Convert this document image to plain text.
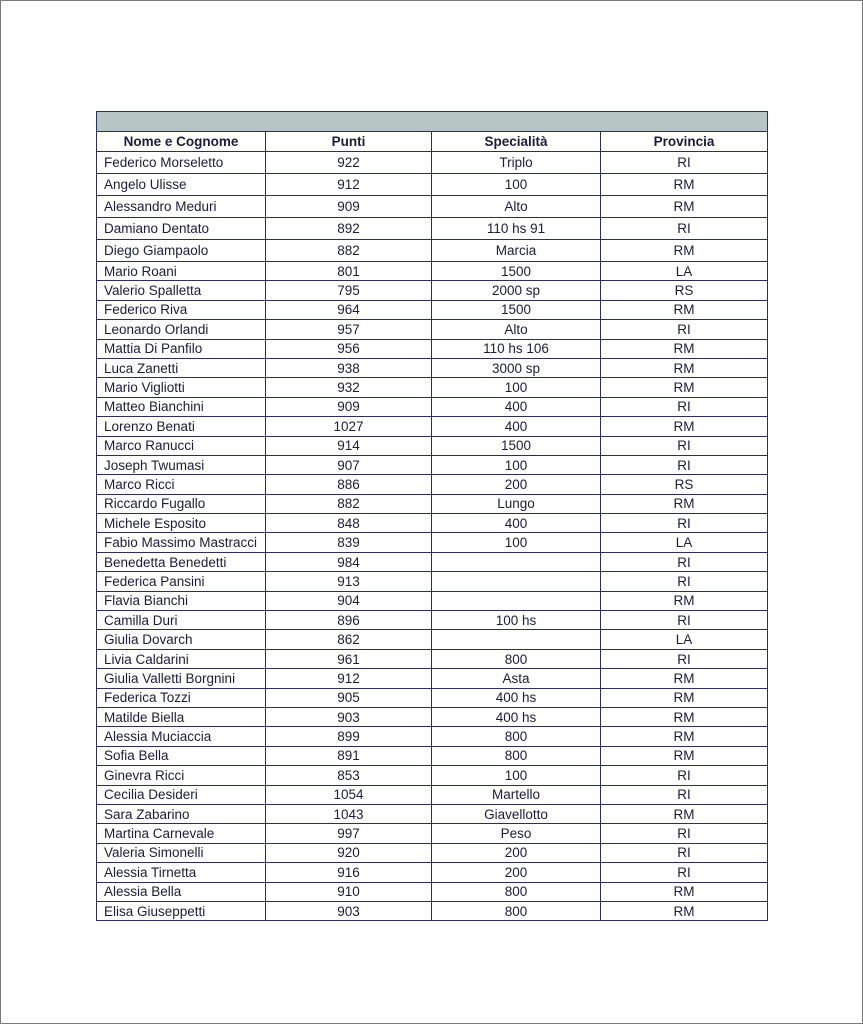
Nome e Cognome	Punti	Specialità	Provincia
Federico Morseletto	922	Triplo	RI
Angelo Ulisse	912	100	RM
Alessandro Meduri	909	Alto	RM
Damiano Dentato	892	110 hs 91	RI
Diego Giampaolo	882	Marcia	RM
Mario Roani	801	1500	LA
Valerio Spalletta	795	2000 sp	RS
Federico Riva	964	1500	RM
Leonardo Orlandi	957	Alto	RI
Mattia Di Panfilo	956	110 hs 106	RM
Luca Zanetti	938	3000 sp	RM
Mario Vigliotti	932	100	RM
Matteo Bianchini	909	400	RI
Lorenzo Benati	1027	400	RM
Marco Ranucci	914	1500	RI
Joseph Twumasi	907	100	RI
Marco Ricci	886	200	RS
Riccardo Fugallo	882	Lungo	RM
Michele Esposito	848	400	RI
Fabio Massimo Mastracci	839	100	LA
Benedetta Benedetti	984		RI
Federica Pansini	913		RI
Flavia Bianchi	904		RM
Camilla Duri	896	100 hs	RI
Giulia Dovarch	862		LA
Livia Caldarini	961	800	RI
Giulia Valletti Borgnini	912	Asta	RM
Federica Tozzi	905	400 hs	RM
Matilde Biella	903	400 hs	RM
Alessia Muciaccia	899	800	RM
Sofia Bella	891	800	RM
Ginevra Ricci	853	100	RI
Cecilia Desideri	1054	Martello	RI
Sara Zabarino	1043	Giavellotto	RM
Martina Carnevale	997	Peso	RI
Valeria Simonelli	920	200	RI
Alessia Tirnetta	916	200	RI
Alessia Bella	910	800	RM
Elisa Giuseppetti	903	800	RM
